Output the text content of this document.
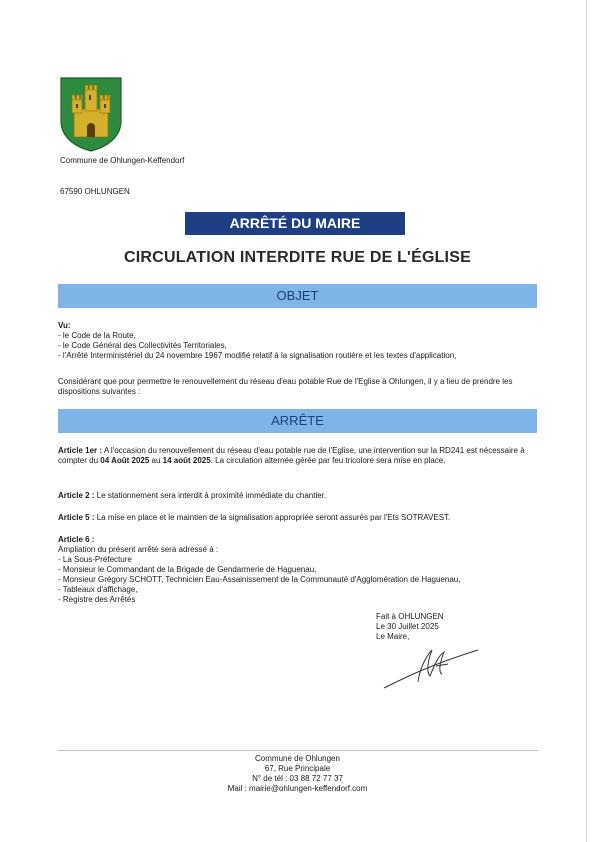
Commune de Ohlungen-Keffendorf
67590 OHLUNGEN
ARRÊTÉ DU MAIRE
CIRCULATION INTERDITE RUE DE L'ÉGLISE
OBJET
Vu:
- le Code de la Route,
- le Code Général des Collectivités Territoriales,
- l'Arrêté Interministériel du 24 novembre 1967 modifié relatif à la signalisation routière et les textes d'application,
Considérant que pour permettre le renouvellement du réseau d'eau potable Rue de l'Eglise à Ohlungen, il y a lieu de prendre les dispositions suivantes :
ARRÊTE
Article 1er : A l'occasion du renouvellement du réseau d'eau potable rue de l'Eglise, une intervention sur la RD241 est nécessaire à compter du 04 Août 2025 au 14 août 2025. La circulation alternée gérée par feu tricolore sera mise en place.
Article 2 : Le stationnement sera interdit à proximité immédiate du chantier.
Article 5 : La mise en place et le maintien de la signalisation appropriée seront assurés par l'Ets SOTRAVEST.
Article 6 :
Ampliation du présent arrêté sera adressé à :
- La Sous-Préfecture
- Monsieur le Commandant de la Brigade de Gendarmerie de Haguenau,
- Monsieur Grégory SCHOTT, Technicien Eau-Assainissement de la Communauté d'Agglomération de Haguenau,
- Tableaux d'affichage,
- Registre des Arrêtés
Fait à OHLUNGEN
Le 30 Juillet 2025
Le Maire,
Commune de Ohlungen
67, Rue Principale
N° de tél : 03 88 72 77 37
Mail : mairie@ohlungen-keffendorf.com
